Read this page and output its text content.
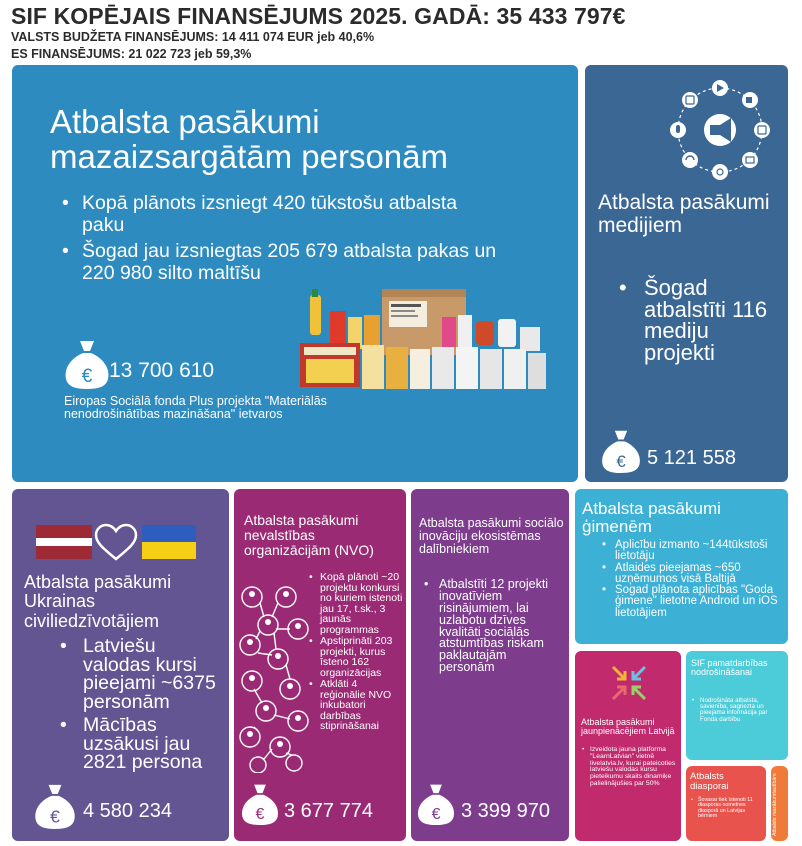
SIF KOPĒJAIS FINANSĒJUMS 2025. GADĀ: 35 433 797€
VALSTS BUDŽETA FINANSĒJUMS: 14 411 074 EUR jeb 40,6%
ES FINANSĒJUMS: 21 022 723 jeb 59,3%
Atbalsta pasākumi mazaizsargātām personām
• Kopā plānots izsniegt 420 tūkstošu atbalsta paku
• Šogad jau izsniegtas 205 679 atbalsta pakas un 220 980 silto maltīšu
€ 13 700 610
Eiropas Sociālā fonda Plus projekta "Materiālās nenodrošinātības mazināšana" ietvaros
Atbalsta pasākumi medijiem
• Šogad atbalstīti 116 mediju projekti
€ 5 121 558
Atbalsta pasākumi Ukrainas civiliedzīvotājiem
• Latviešu valodas kursi pieejami ~6375 personām
• Mācības uzsākusi jau 2821 persona
€ 4 580 234
Atbalsta pasākumi nevalstības organizācijām (NVO)
• Kopā plānoti ~20 projektu konkursi no kuriem istenoti jau 17, t.sk., 3 jaunās programmas
• Apstiprināti 203 projekti, kurus īsteno 162 organizācijas
• Atklāti 4 reģionālie NVO inkubatori darbības stiprināšanai
€ 3 677 774
Atbalsta pasākumi sociālo inovāciju ekosistēmas dalībniekiem
• Atbalstīti 12 projekti inovatīviem risinājumiem, lai uzlabotu dzīves kvalitāti sociālās atstumtības riskam pakļautajām personām
€ 3 399 970
Atbalsta pasākumi ģimenēm
• Aplicību izmanto ~144tūkstoši lietotāju
• Atlaides pieejamas ~650 uzņēmumos visā Baltijā
• Sogad plānota aplicības "Goda ģimene" lietotne Android un iOS lietotājiem
Atbalsta pasākumi jaunpienācējiem Latvijā
• Izveidota jauna platforma "LearnLatvian" vietnē livelatvia.lv, kurai pateicoties latviešu valodas kursu pieteikumu skaits dinamiķe palielinājušies par 50%
SIF pamatdarbības nodrošināšanai
• Nodrošināta atbalsta, savienība, sagriezta un pieejama informācija par Fonda darbību
Atbalsts diasporai
• Šovasar tiek īstenoti 11 diasporas nometnes diasporā un Latvijas bērniem	Atbalsts mazākumtautībām
